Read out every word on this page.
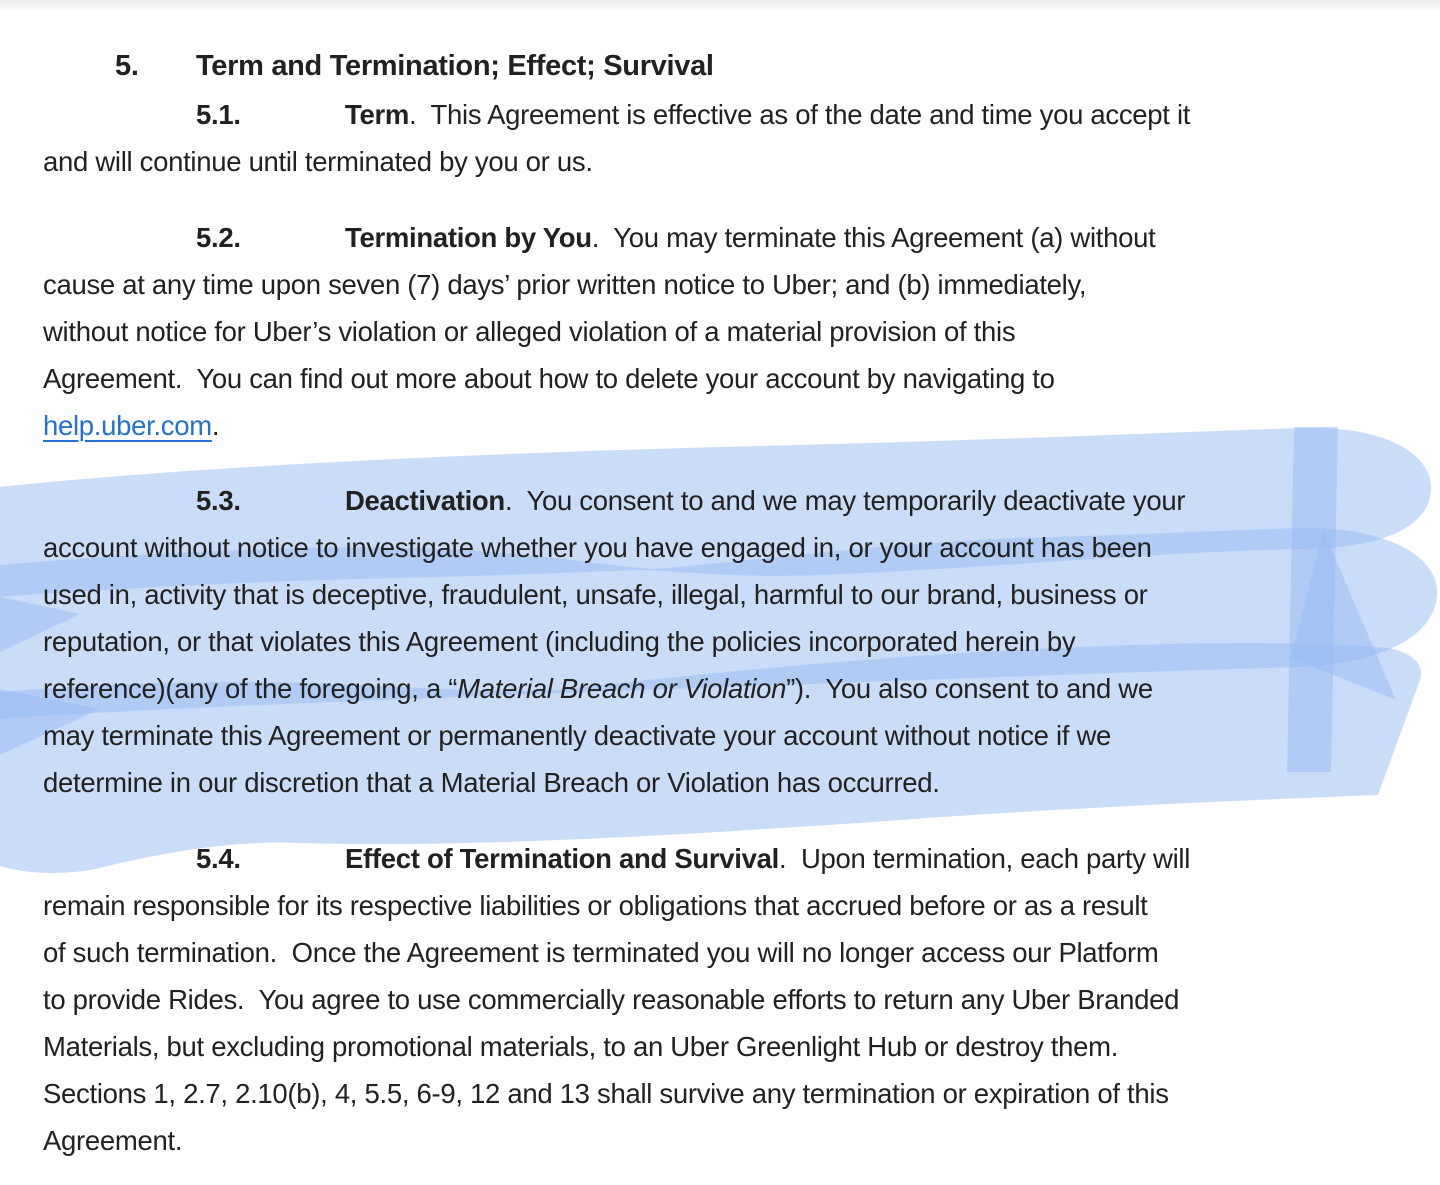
5. Term and Termination; Effect; Survival
5.1.	Term.  This Agreement is effective as of the date and time you accept it
and will continue until terminated by you or us.
5.2.	Termination by You.  You may terminate this Agreement (a) without
cause at any time upon seven (7) days’ prior written notice to Uber; and (b) immediately,
without notice for Uber’s violation or alleged violation of a material provision of this
Agreement.  You can find out more about how to delete your account by navigating to
help.uber.com.
5.3.	Deactivation.  You consent to and we may temporarily deactivate your
account without notice to investigate whether you have engaged in, or your account has been
used in, activity that is deceptive, fraudulent, unsafe, illegal, harmful to our brand, business or
reputation, or that violates this Agreement (including the policies incorporated herein by
reference)(any of the foregoing, a “Material Breach or Violation”).  You also consent to and we
may terminate this Agreement or permanently deactivate your account without notice if we
determine in our discretion that a Material Breach or Violation has occurred.
5.4.	Effect of Termination and Survival.  Upon termination, each party will
remain responsible for its respective liabilities or obligations that accrued before or as a result
of such termination.  Once the Agreement is terminated you will no longer access our Platform
to provide Rides.  You agree to use commercially reasonable efforts to return any Uber Branded
Materials, but excluding promotional materials, to an Uber Greenlight Hub or destroy them.
Sections 1, 2.7, 2.10(b), 4, 5.5, 6-9, 12 and 13 shall survive any termination or expiration of this
Agreement.
